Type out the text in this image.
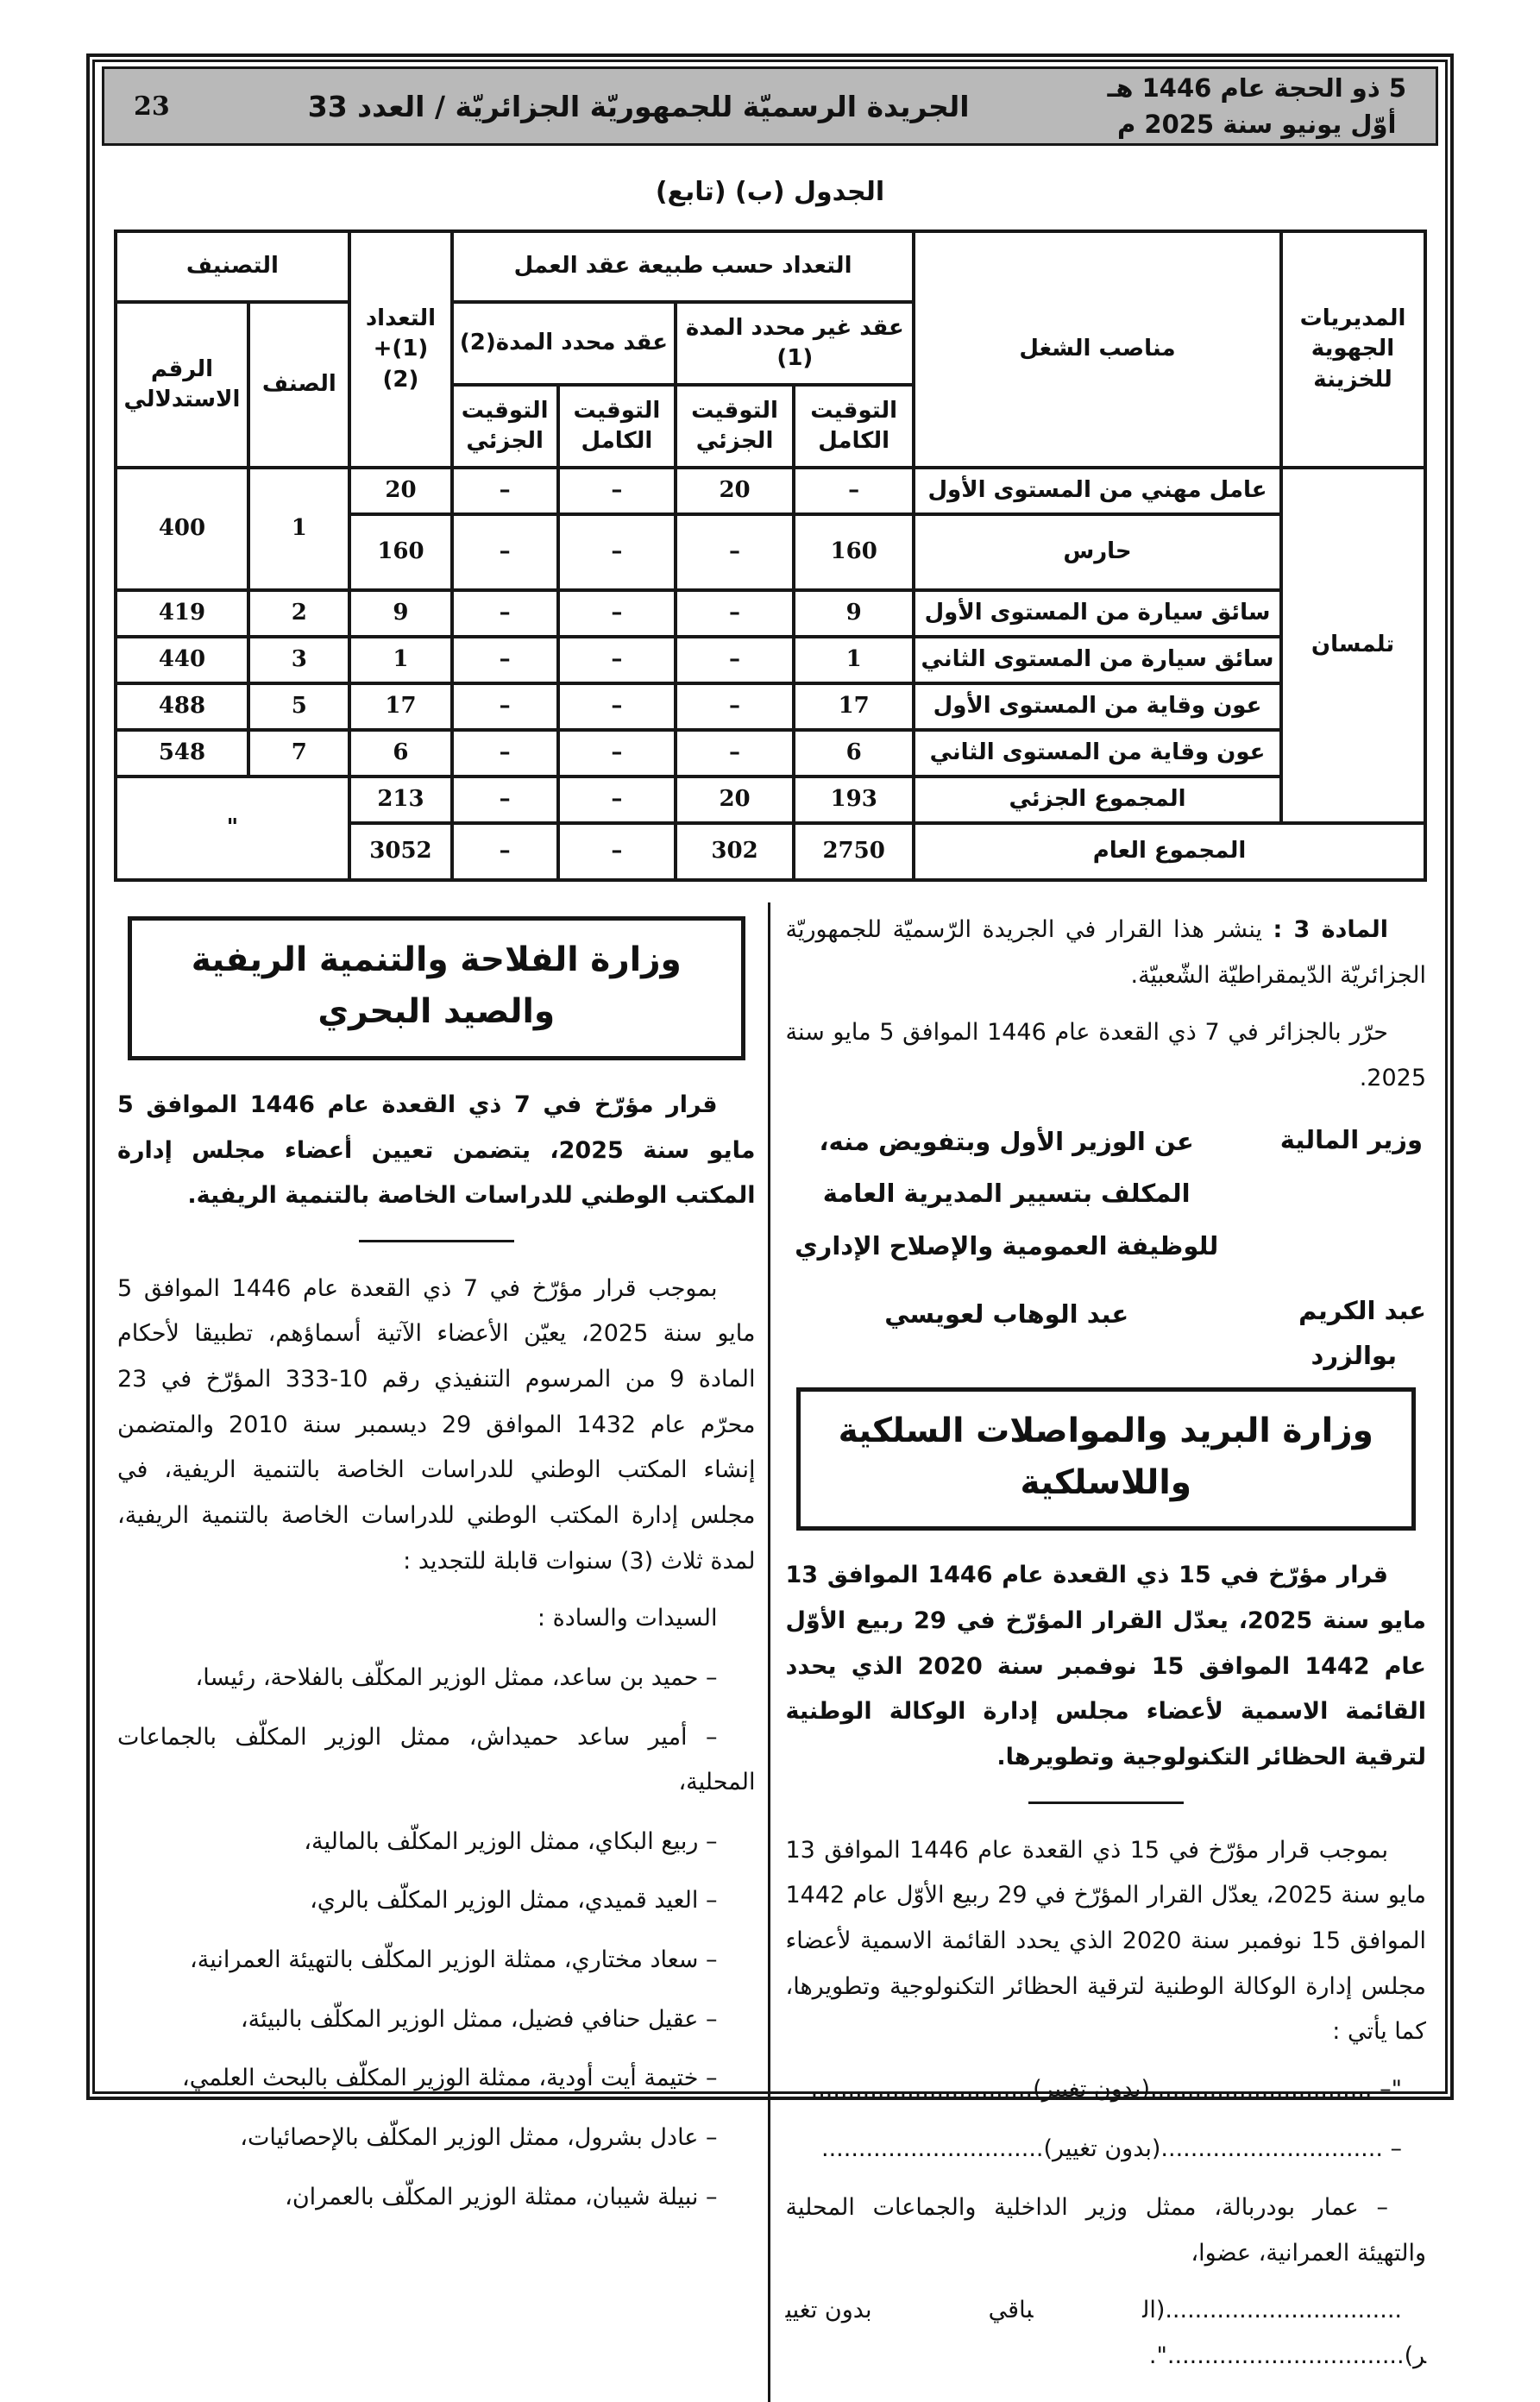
5 ذو الحجة عام 1446 هـ
أوّل يونيو سنة 2025 م
الجريدة الرسميّة للجمهوريّة الجزائريّة / العدد 33
23
الجدول (ب) (تابع)
المديريات الجهوية للخزينة	مناصب الشغل	التعداد حسب طبيعة عقد العمل				التعداد
(1)+ (2)	التصنيف	
		عقد غير محدد المدة (1)		عقد محدد المدة(2)			الصنف	الرقم الاستدلالي
		التوقيت الكامل	التوقيت الجزئي	التوقيت الكامل	التوقيت الجزئي			
تلمسان	عامل مهني من المستوى الأول	–	20	–	–	20	1	400
	حارس	160	–	–	–	160		
	سائق سيارة من المستوى الأول	9	–	–	–	9	2	419
	سائق سيارة من المستوى الثاني	1	–	–	–	1	3	440
	عون وقاية من المستوى الأول	17	–	–	–	17	5	488
	عون وقاية من المستوى الثاني	6	–	–	–	6	7	548
	المجموع الجزئي	193	20	–	–	213	"	
المجموع العام		2750	302	–	–	3052		

المادة 3 : ينشر هذا القرار في الجريدة الرّسميّة للجمهوريّة الجزائريّة الدّيمقراطيّة الشّعبيّة.

حرّر بالجزائر في 7 ذي القعدة عام 1446 الموافق 5 مايو سنة 2025.

وزير المالية
عن الوزير الأول وبتفويض منه،
المكلف بتسيير المديرية العامة
للوظيفة العمومية والإصلاح الإداري
عبد الكريم
بوالزرد
عبد الوهاب لعويسي
وزارة البريد والمواصلات السلكية
واللاسلكية

قرار مؤرّخ في 15 ذي القعدة عام 1446 الموافق 13 مايو سنة 2025، يعدّل القرار المؤرّخ في 29 ربيع الأوّل عام 1442 الموافق 15 نوفمبر سنة 2020 الذي يحدد القائمة الاسمية لأعضاء مجلس إدارة الوكالة الوطنية لترقية الحظائر التكنولوجية وتطويرها.

بموجب قرار مؤرّخ في 15 ذي القعدة عام 1446 الموافق 13 مايو سنة 2025، يعدّل القرار المؤرّخ في 29 ربيع الأوّل عام 1442 الموافق 15 نوفمبر سنة 2020 الذي يحدد القائمة الاسمية لأعضاء مجلس إدارة الوكالة الوطنية لترقية الحظائر التكنولوجية وتطويرها، كما يأتي :

"– ..............................(بدون تغيير)..............................

– ..............................(بدون تغيير)..............................

– عمار بودربالة، ممثل وزير الداخلية والجماعات المحلية والتهيئة العمرانية، عضوا،

................................(الباقي بدون تغيير)................................".

وزارة الفلاحة والتنمية الريفية
والصيد البحري

قرار مؤرّخ في 7 ذي القعدة عام 1446 الموافق 5 مايو سنة 2025، يتضمن تعيين أعضاء مجلس إدارة المكتب الوطني للدراسات الخاصة بالتنمية الريفية.

بموجب قرار مؤرّخ في 7 ذي القعدة عام 1446 الموافق 5 مايو سنة 2025، يعيّن الأعضاء الآتية أسماؤهم، تطبيقا لأحكام المادة 9 من المرسوم التنفيذي رقم 10-333 المؤرّخ في 23 محرّم عام 1432 الموافق 29 ديسمبر سنة 2010 والمتضمن إنشاء المكتب الوطني للدراسات الخاصة بالتنمية الريفية، في مجلس إدارة المكتب الوطني للدراسات الخاصة بالتنمية الريفية، لمدة ثلاث (3) سنوات قابلة للتجديد :

السيدات والسادة :

– حميد بن ساعد، ممثل الوزير المكلّف بالفلاحة، رئيسا،
– أمير ساعد حميداش، ممثل الوزير المكلّف بالجماعات المحلية،
– ربيع البكاي، ممثل الوزير المكلّف بالمالية،
– العيد قميدي، ممثل الوزير المكلّف بالري،
– سعاد مختاري، ممثلة الوزير المكلّف بالتهيئة العمرانية،
– عقيل حنافي فضيل، ممثل الوزير المكلّف بالبيئة،
– ختيمة أيت أودية، ممثلة الوزير المكلّف بالبحث العلمي،
– عادل بشرول، ممثل الوزير المكلّف بالإحصائيات،
– نبيلة شيبان، ممثلة الوزير المكلّف بالعمران،
